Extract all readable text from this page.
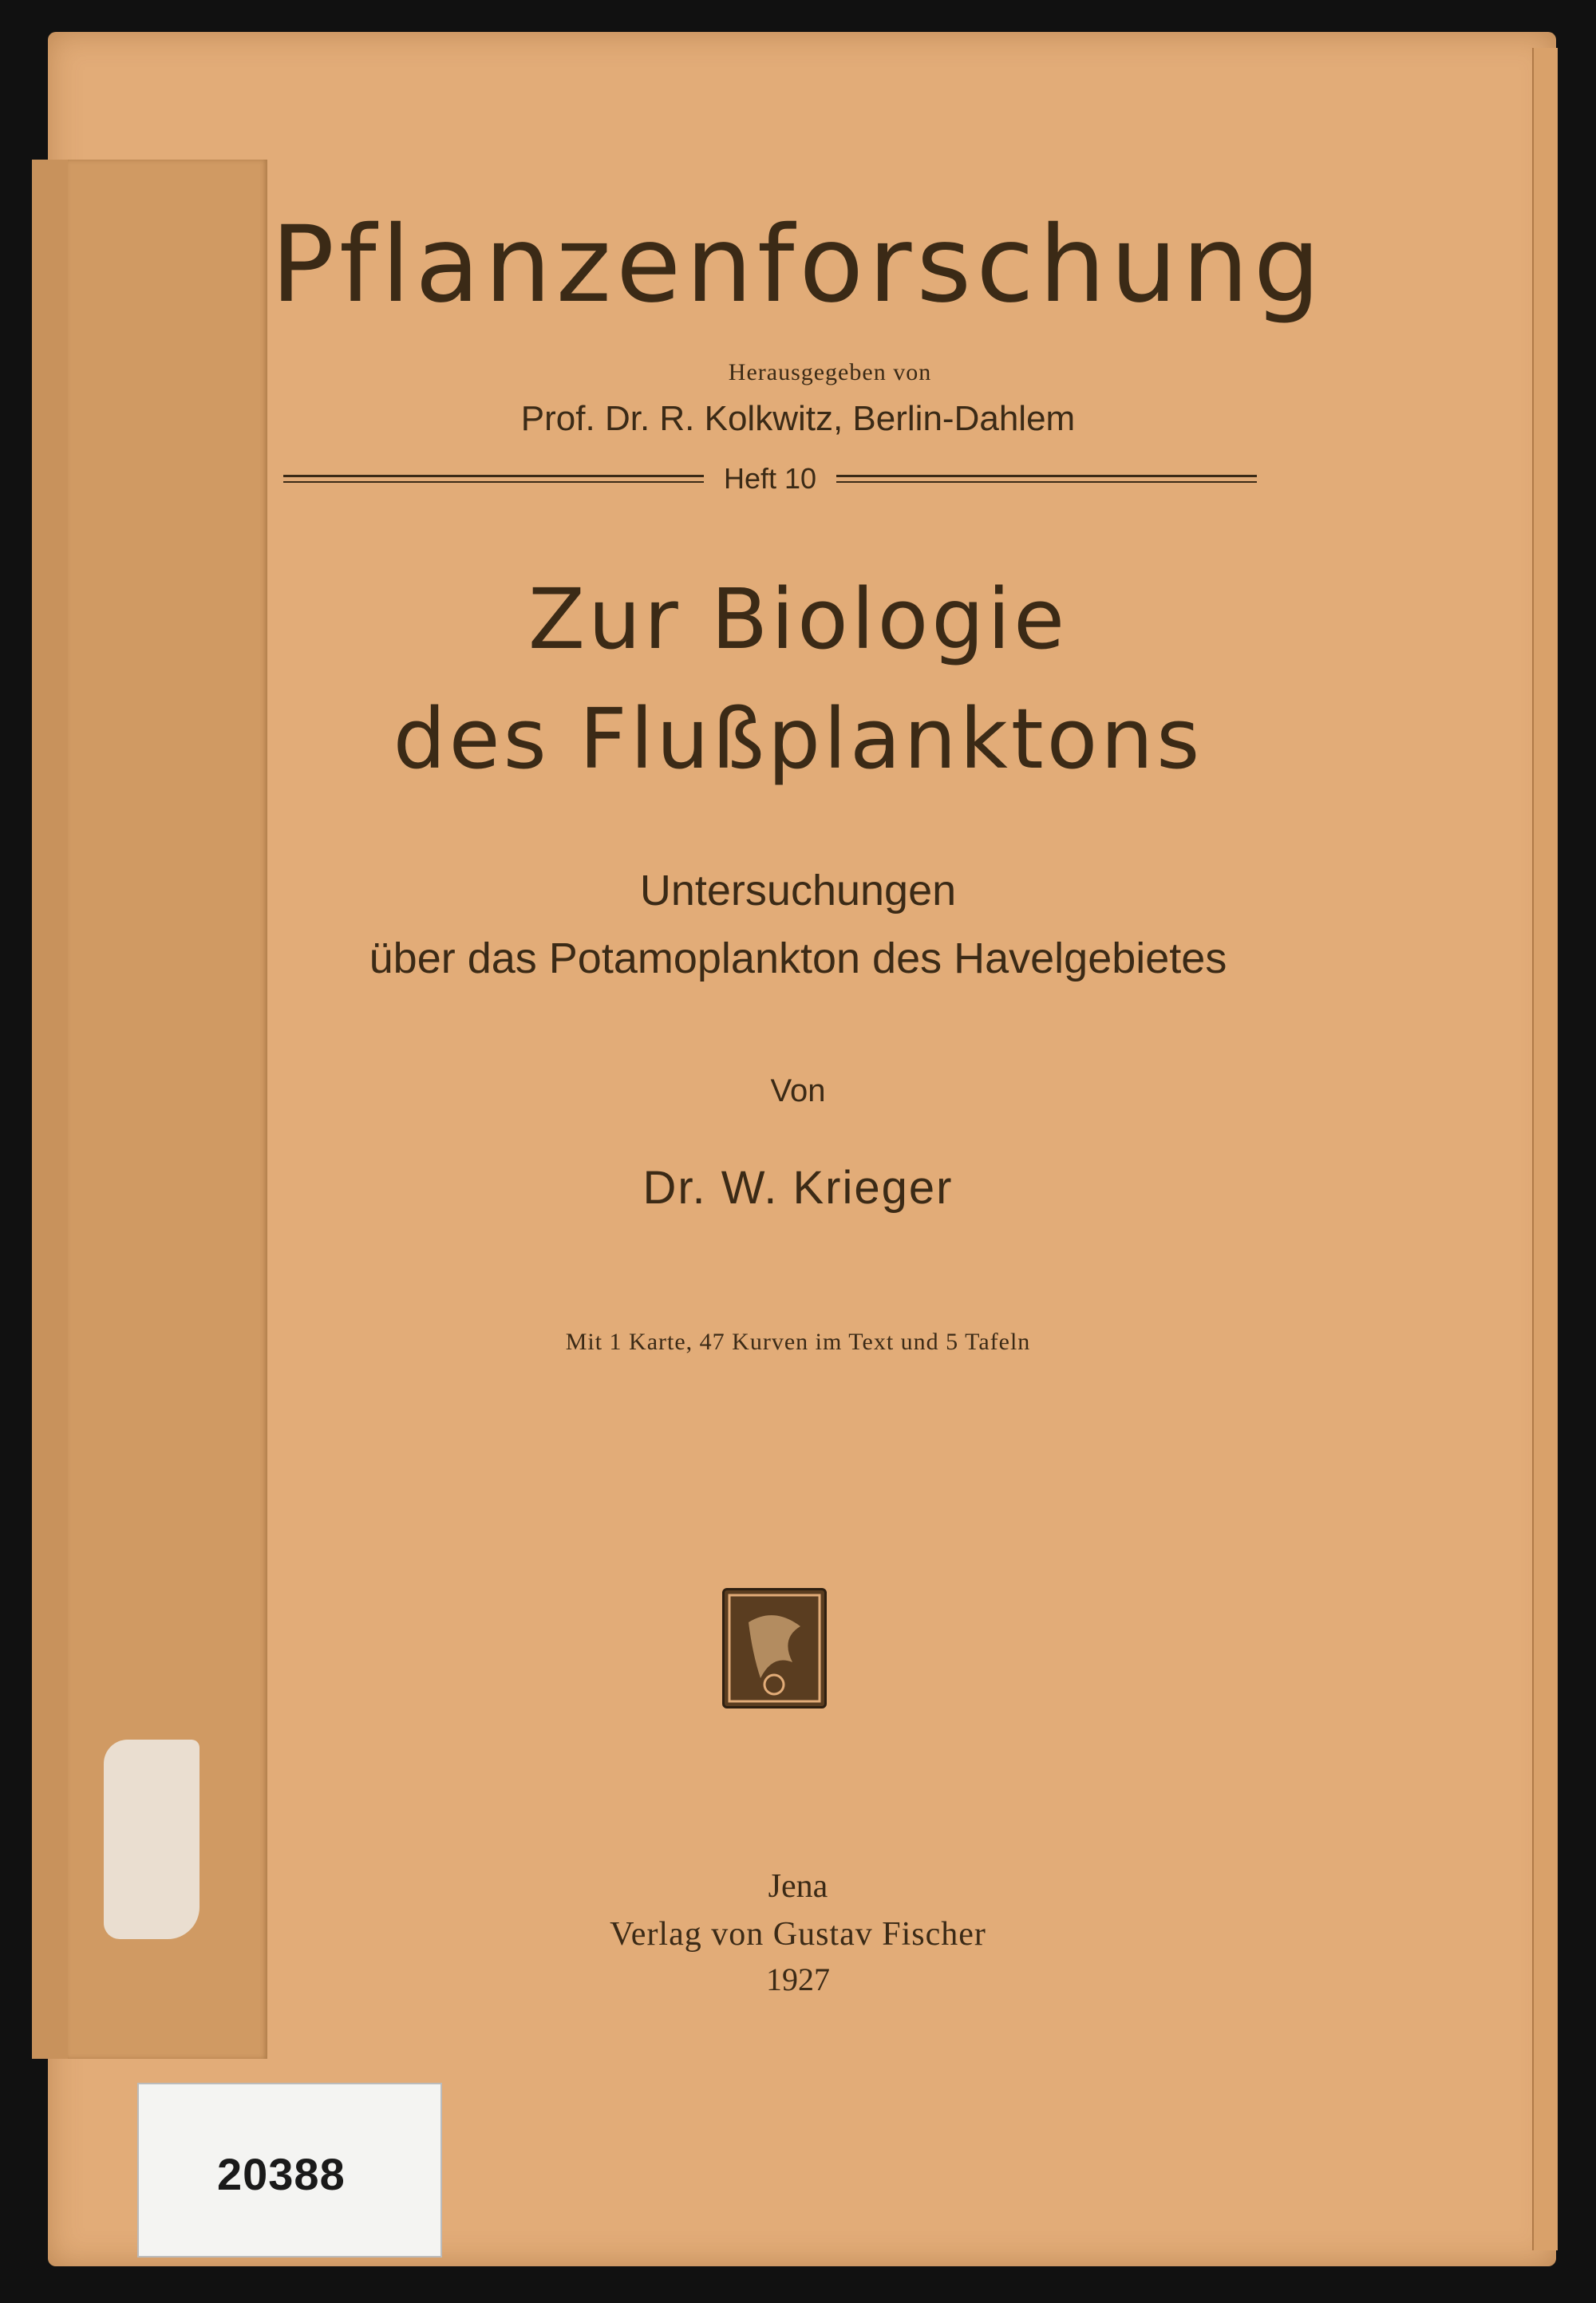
Pflanzenforschung
Herausgegeben von
Prof. Dr. R. Kolkwitz, Berlin-Dahlem
Heft 10
Zur Biologie
des Flußplanktons
Untersuchungen
über das Potamoplankton des Havelgebietes
Von
Dr. W. Krieger
Mit 1 Karte, 47 Kurven im Text und 5 Tafeln
Jena
Verlag von Gustav Fischer
1927
20388
